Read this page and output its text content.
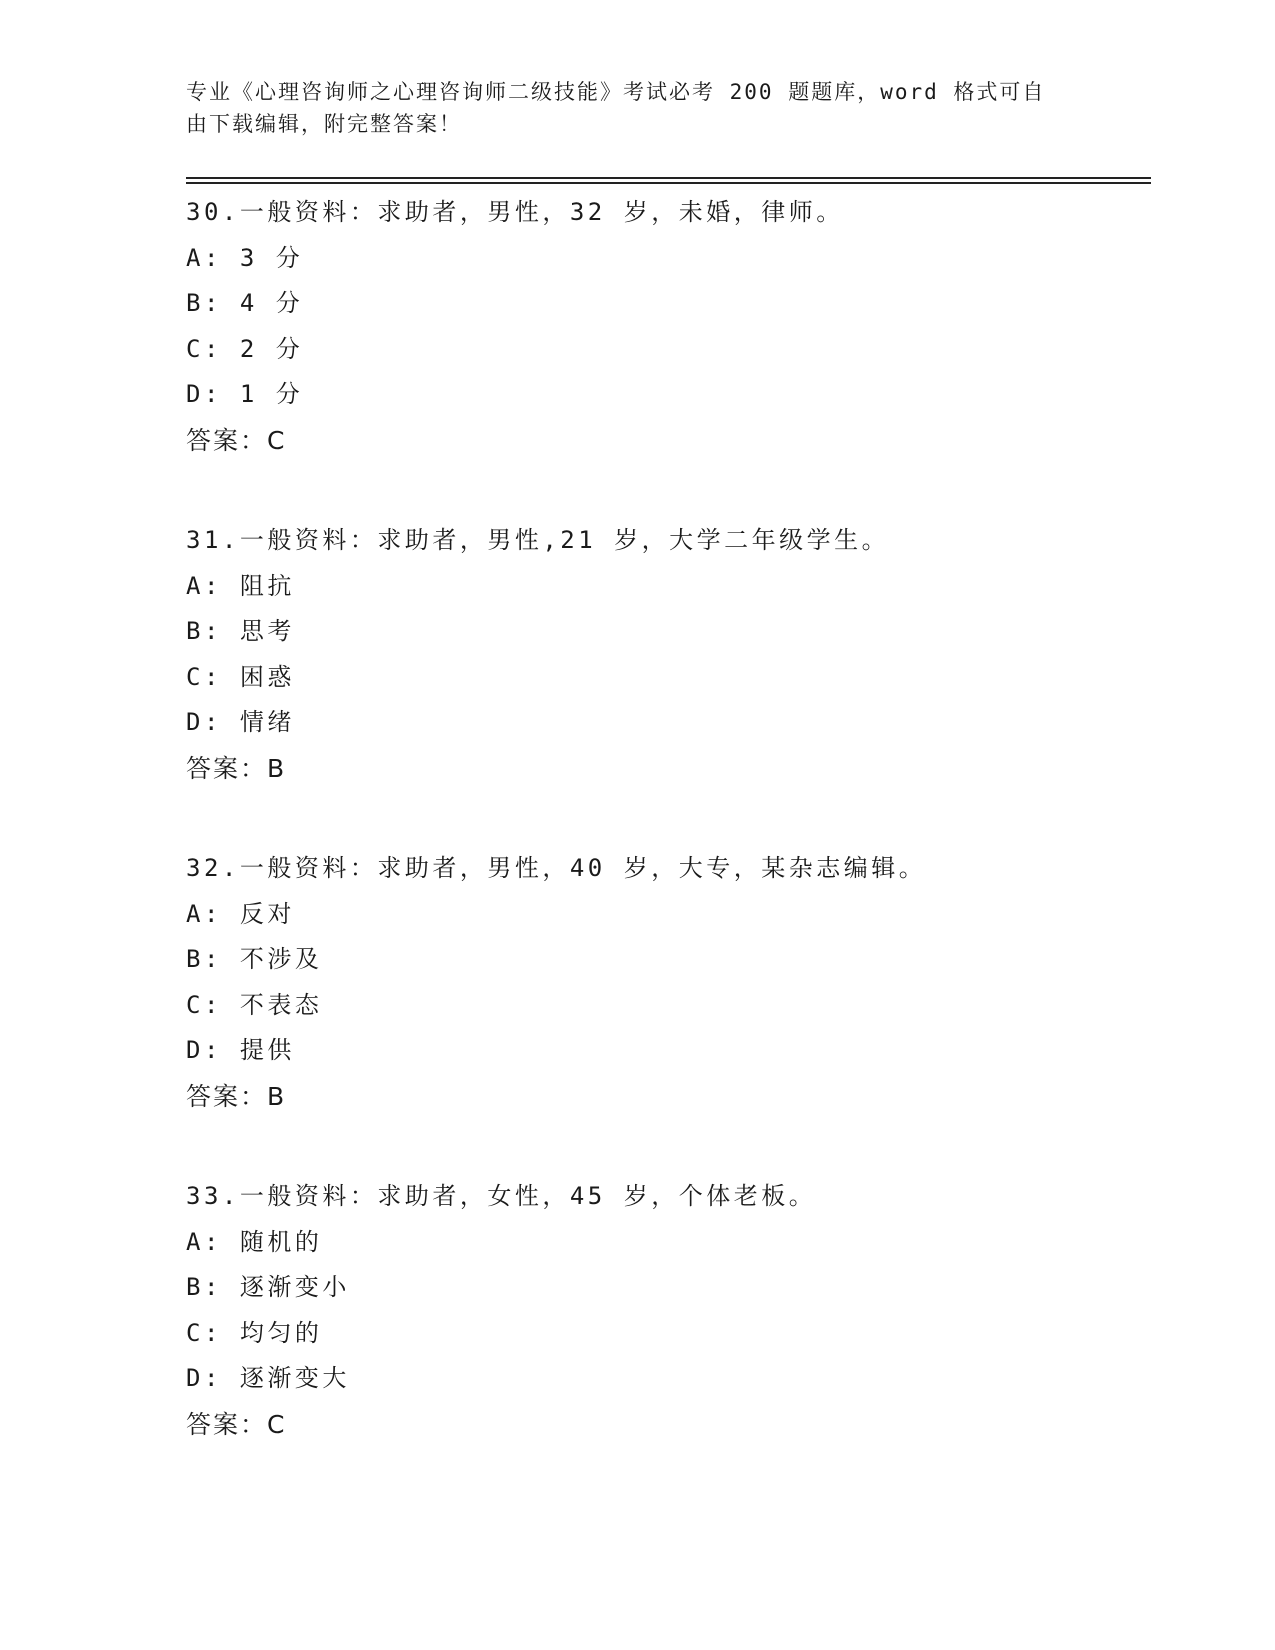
专业《心理咨询师之心理咨询师二级技能》考试必考 200 题题库，word 格式可自
由下载编辑，附完整答案！
30.一般资料：求助者，男性，32 岁，未婚，律师。
A: 3 分
B: 4 分
C: 2 分
D: 1 分
答案：C
31.一般资料：求助者，男性,21 岁，大学二年级学生。
A: 阻抗
B: 思考
C: 困惑
D: 情绪
答案：B
32.一般资料：求助者，男性，40 岁，大专，某杂志编辑。
A: 反对
B: 不涉及
C: 不表态
D: 提供
答案：B
33.一般资料：求助者，女性，45 岁，个体老板。
A: 随机的
B: 逐渐变小
C: 均匀的
D: 逐渐变大
答案：C
